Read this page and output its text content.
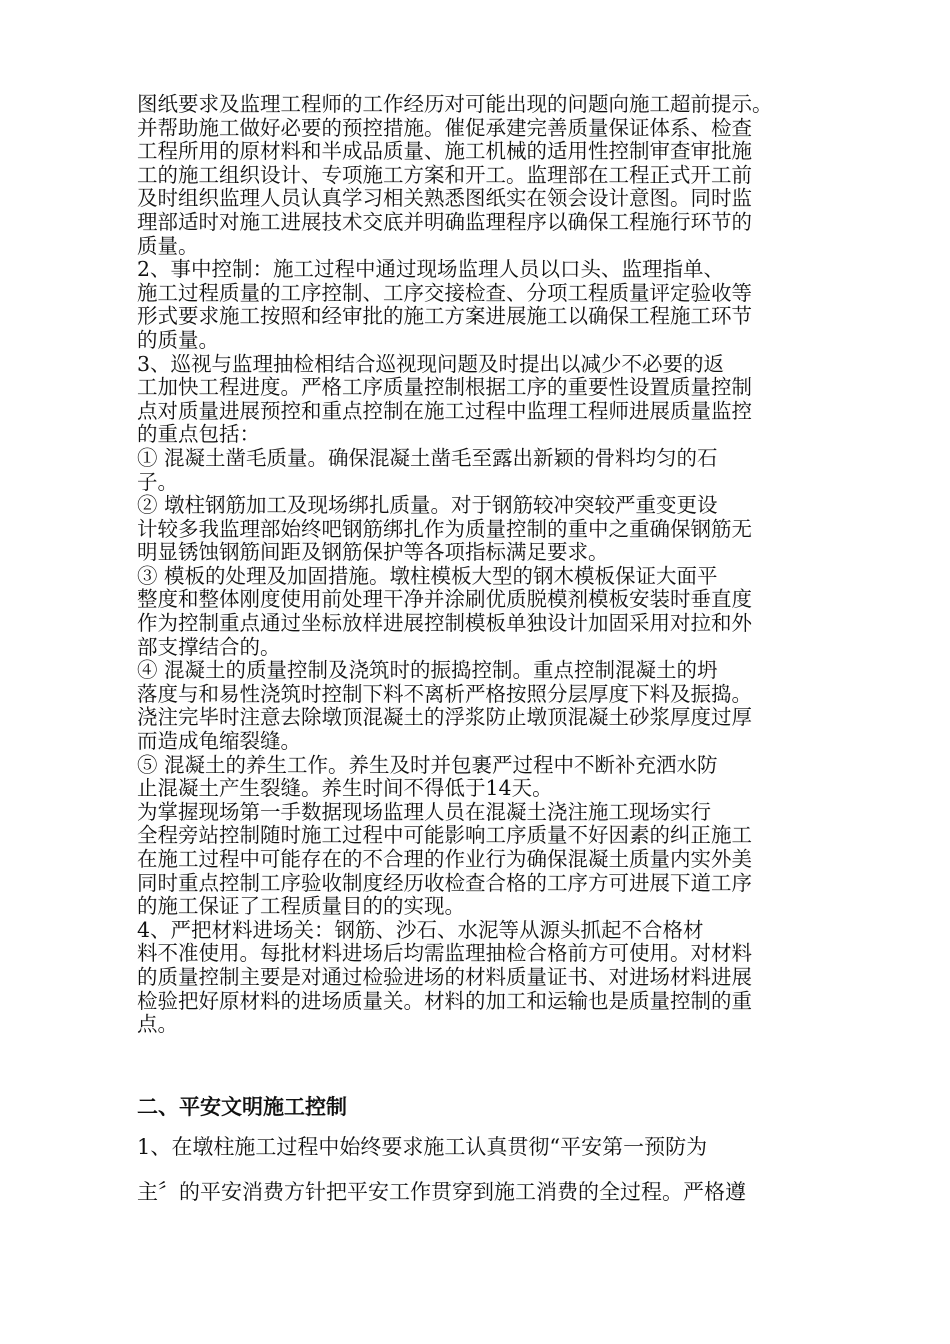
图纸要求及监理工程师的工作经历对可能出现的问题向施工超前提示。
并帮助施工做好必要的预控措施。催促承建完善质量保证体系、检查
工程所用的原材料和半成品质量、施工机械的适用性控制审查审批施
工的施工组织设计、专项施工方案和开工。监理部在工程正式开工前
及时组织监理人员认真学习相关熟悉图纸实在领会设计意图。同时监
理部适时对施工进展技术交底并明确监理程序以确保工程施行环节的
质量。
2、事中控制：施工过程中通过现场监理人员以口头、监理指单、
施工过程质量的工序控制、工序交接检查、分项工程质量评定验收等
形式要求施工按照和经审批的施工方案进展施工以确保工程施工环节
的质量。
3、巡视与监理抽检相结合巡视现问题及时提出以减少不必要的返
工加快工程进度。严格工序质量控制根据工序的重要性设置质量控制
点对质量进展预控和重点控制在施工过程中监理工程师进展质量监控
的重点包括：
① 混凝土凿毛质量。确保混凝土凿毛至露出新颖的骨料均匀的石
子。
② 墩柱钢筋加工及现场绑扎质量。对于钢筋较冲突较严重变更设
计较多我监理部始终吧钢筋绑扎作为质量控制的重中之重确保钢筋无
明显锈蚀钢筋间距及钢筋保护等各项指标满足要求。
③ 模板的处理及加固措施。墩柱模板大型的钢木模板保证大面平
整度和整体刚度使用前处理干净并涂刷优质脱模剂模板安装时垂直度
作为控制重点通过坐标放样进展控制模板单独设计加固采用对拉和外
部支撑结合的。
④ 混凝土的质量控制及浇筑时的振捣控制。重点控制混凝土的坍
落度与和易性浇筑时控制下料不离析严格按照分层厚度下料及振捣。
浇注完毕时注意去除墩顶混凝土的浮浆防止墩顶混凝土砂浆厚度过厚
而造成龟缩裂缝。
⑤ 混凝土的养生工作。养生及时并包裹严过程中不断补充洒水防
止混凝土产生裂缝。养生时间不得低于14天。
为掌握现场第一手数据现场监理人员在混凝土浇注施工现场实行
全程旁站控制随时施工过程中可能影响工序质量不好因素的纠正施工
在施工过程中可能存在的不合理的作业行为确保混凝土质量内实外美
同时重点控制工序验收制度经历收检查合格的工序方可进展下道工序
的施工保证了工程质量目的的实现。
4、严把材料进场关：钢筋、沙石、水泥等从源头抓起不合格材
料不准使用。每批材料进场后均需监理抽检合格前方可使用。对材料
的质量控制主要是对通过检验进场的材料质量证书、对进场材料进展
检验把好原材料的进场质量关。材料的加工和运输也是质量控制的重
点。
二、平安文明施工控制
1、在墩柱施工过程中始终要求施工认真贯彻“平安第一预防为
主〞的平安消费方针把平安工作贯穿到施工消费的全过程。严格遵
